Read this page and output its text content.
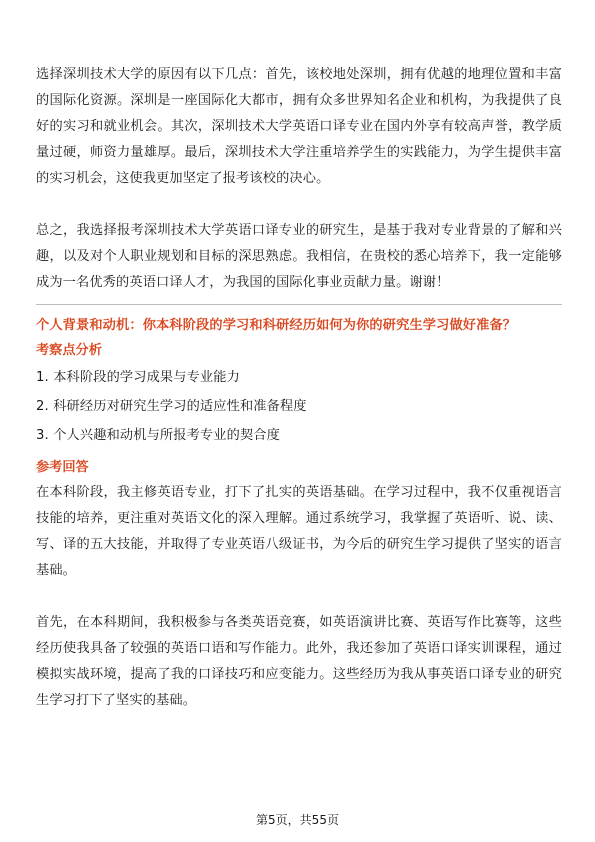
选择深圳技术大学的原因有以下几点：首先，该校地处深圳，拥有优越的地理位置和丰富的国际化资源。深圳是一座国际化大都市，拥有众多世界知名企业和机构，为我提供了良好的实习和就业机会。其次，深圳技术大学英语口译专业在国内外享有较高声誉，教学质量过硬，师资力量雄厚。最后，深圳技术大学注重培养学生的实践能力，为学生提供丰富的实习机会，这使我更加坚定了报考该校的决心。

总之，我选择报考深圳技术大学英语口译专业的研究生，是基于我对专业背景的了解和兴趣，以及对个人职业规划和目标的深思熟虑。我相信，在贵校的悉心培养下，我一定能够成为一名优秀的英语口译人才，为我国的国际化事业贡献力量。谢谢！

个人背景和动机：你本科阶段的学习和科研经历如何为你的研究生学习做好准备？

考察点分析

1. 本科阶段的学习成果与专业能力
2. 科研经历对研究生学习的适应性和准备程度
3. 个人兴趣和动机与所报考专业的契合度

参考回答

在本科阶段，我主修英语专业，打下了扎实的英语基础。在学习过程中，我不仅重视语言技能的培养，更注重对英语文化的深入理解。通过系统学习，我掌握了英语听、说、读、写、译的五大技能，并取得了专业英语八级证书，为今后的研究生学习提供了坚实的语言基础。

首先，在本科期间，我积极参与各类英语竞赛，如英语演讲比赛、英语写作比赛等，这些经历使我具备了较强的英语口语和写作能力。此外，我还参加了英语口译实训课程，通过模拟实战环境，提高了我的口译技巧和应变能力。这些经历为我从事英语口译专业的研究生学习打下了坚实的基础。

第5页，共55页
